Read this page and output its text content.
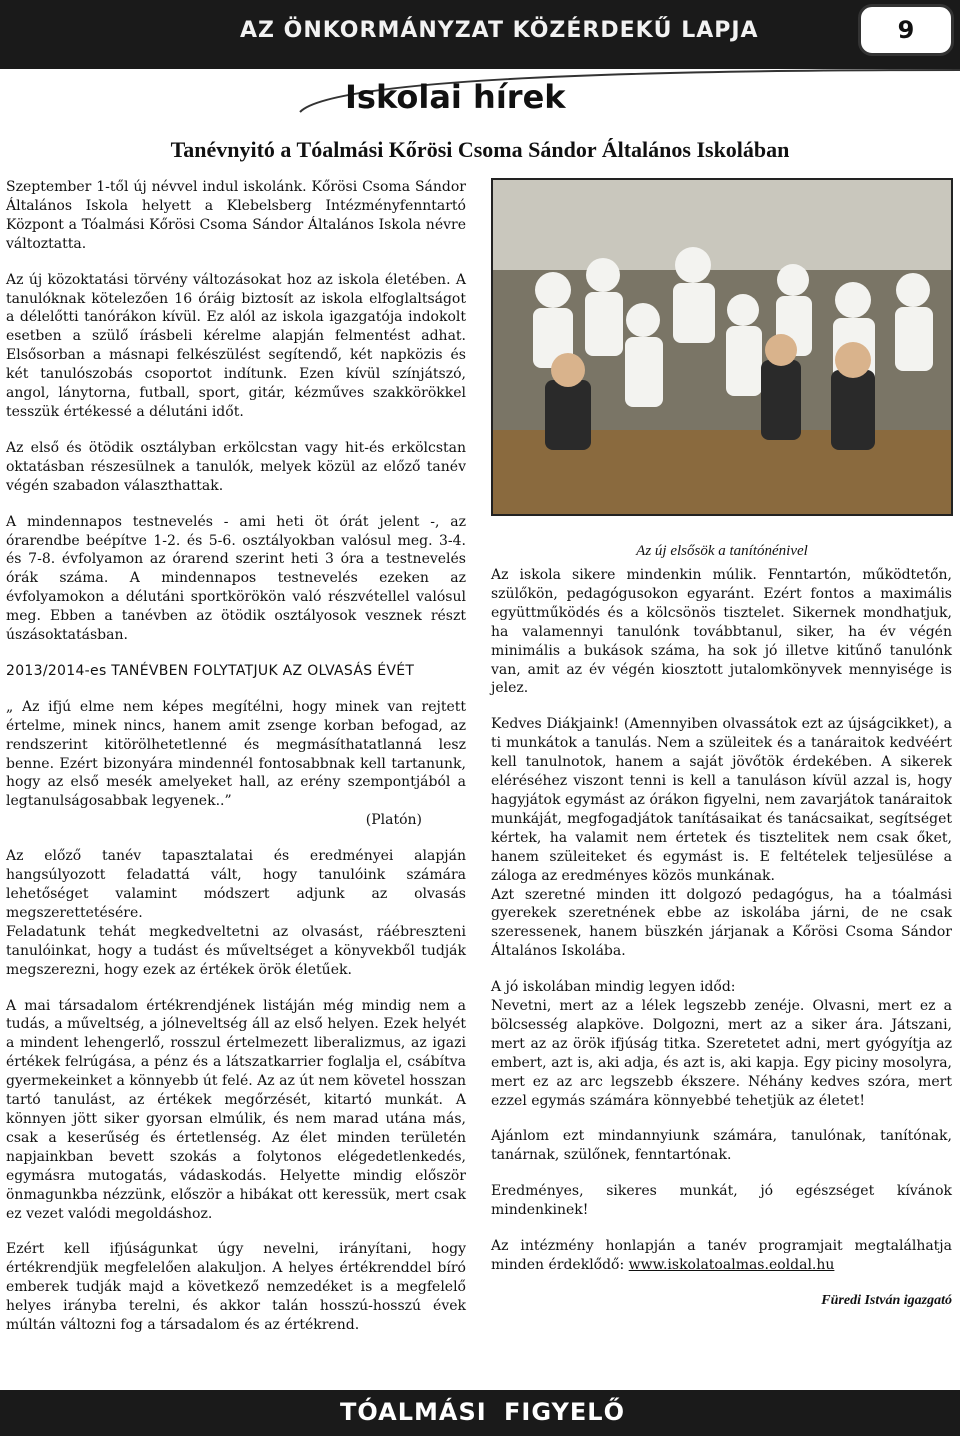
AZ ÖNKORMÁNYZAT KÖZÉRDEKŰ LAPJA	9
Iskolai hírek
Tanévnyitó a Tóalmási Kőrösi Csoma Sándor Általános Iskolában

Szeptember 1-től új névvel indul iskolánk. Kőrösi Csoma Sándor Általános Iskola helyett a Klebelsberg Intézményfenntartó Központ a Tóalmási Kőrösi Csoma Sándor Általános Iskola névre változtatta.

Az új közoktatási törvény változásokat hoz az iskola életében. A tanulóknak kötelezően 16 óráig biztosít az iskola elfoglaltságot a délelőtti tanórákon kívül. Ez alól az iskola igazgatója indokolt esetben a szülő írásbeli kérelme alapján felmentést adhat. Elsősorban a másnapi felkészülést segítendő, két napközis és két tanulószobás csoportot indítunk. Ezen kívül színjátszó, angol, lánytorna, futball, sport, gitár, kézműves szakkörökkel tesszük értékessé a délutáni időt.

Az első és ötödik osztályban erkölcstan vagy hit-és erkölcstan oktatásban részesülnek a tanulók, melyek közül az előző tanév végén szabadon választhattak.

A mindennapos testnevelés - ami heti öt órát jelent -, az órarendbe beépítve 1-2. és 5-6. osztályokban valósul meg. 3-4. és 7-8. évfolyamon az órarend szerint heti 3 óra a testnevelés órák száma. A mindennapos testnevelés ezeken az évfolyamokon a délutáni sportkörökön való részvétellel valósul meg. Ebben a tanévben az ötödik osztályosok vesznek részt úszásoktatásban.

2013/2014-es TANÉVBEN FOLYTATJUK AZ OLVASÁS ÉVÉT

„ Az ifjú elme nem képes megítélni, hogy minek van rejtett értelme, minek nincs, hanem amit zsenge korban befogad, az rendszerint kitörölhetetlenné és megmásíthatatlanná lesz benne. Ezért bizonyára mindennél fontosabbnak kell tartanunk, hogy az első mesék amelyeket hall, az erény szempontjából a legtanulságosabbak legyenek..”

(Platón)

Az előző tanév tapasztalatai és eredményei alapján hangsúlyozott feladattá vált, hogy tanulóink számára lehetőséget valamint módszert adjunk az olvasás megszerettetésére.

Feladatunk tehát megkedveltetni az olvasást, ráébreszteni tanulóinkat, hogy a tudást és műveltséget a könyvekből tudják megszerezni, hogy ezek az értékek örök életűek.

A mai társadalom értékrendjének listáján még mindig nem a tudás, a műveltség, a jólneveltség áll az első helyen. Ezek helyét a mindent lehengerlő, rosszul értelmezett liberalizmus, az igazi értékek felrúgása, a pénz és a látszatkarrier foglalja el, csábítva gyermekeinket a könnyebb út felé. Az az út nem követel hosszan tartó tanulást, az értékek megőrzését, kitartó munkát. A könnyen jött siker gyorsan elmúlik, és nem marad utána más, csak a keserűség és értetlenség. Az élet minden területén napjainkban bevett szokás a folytonos elégedetlenkedés, egymásra mutogatás, vádaskodás. Helyette mindig először önmagunkba nézzünk, először a hibákat ott keressük, mert csak ez vezet valódi megoldáshoz.

Ezért kell ifjúságunkat úgy nevelni, irányítani, hogy értékrendjük megfelelően alakuljon. A helyes értékrenddel bíró emberek tudják majd a következő nemzedéket is a megfelelő helyes irányba terelni, és akkor talán hosszú-hosszú évek múltán változni fog a társadalom és az értékrend.

Az új elsősök a tanítónénivel

Az iskola sikere mindenkin múlik. Fenntartón, működtetőn, szülőkön, pedagógusokon egyaránt. Ezért fontos a maximális együttműködés és a kölcsönös tisztelet. Sikernek mondhatjuk, ha valamennyi tanulónk továbbtanul, siker, ha év végén minimális a bukások száma, ha sok jó illetve kitűnő tanulónk van, amit az év végén kiosztott jutalomkönyvek mennyisége is jelez.

Kedves Diákjaink! (Amennyiben olvassátok ezt az újságcikket), a ti munkátok a tanulás. Nem a szüleitek és a tanáraitok kedvéért kell tanulnotok, hanem a saját jövőtök érdekében. A sikerek eléréséhez viszont tenni is kell a tanuláson kívül azzal is, hogy hagyjátok egymást az órákon figyelni, nem zavarjátok tanáraitok munkáját, megfogadjátok tanításaikat és tanácsaikat, segítséget kértek, ha valamit nem értetek és tisztelitek nem csak őket, hanem szüleiteket és egymást is. E feltételek teljesülése a záloga az eredményes közös munkának.

Azt szeretné minden itt dolgozó pedagógus, ha a tóalmási gyerekek szeretnének ebbe az iskolába járni, de ne csak szeressenek, hanem büszkén járjanak a Kőrösi Csoma Sándor Általános Iskolába.

A jó iskolában mindig legyen időd:

Nevetni, mert az a lélek legszebb zenéje. Olvasni, mert ez a bölcsesség alapköve. Dolgozni, mert az a siker ára. Játszani, mert az az örök ifjúság titka. Szeretetet adni, mert gyógyítja az embert, azt is, aki adja, és azt is, aki kapja. Egy piciny mosolyra, mert ez az arc legszebb ékszere. Néhány kedves szóra, mert ezzel egymás számára könnyebbé tehetjük az életet!

Ajánlom ezt mindannyiunk számára, tanulónak, tanítónak, tanárnak, szülőnek, fenntartónak.

Eredményes, sikeres munkát, jó egészséget kívánok mindenkinek!

Az intézmény honlapján a tanév programjait megtalálhatja minden érdeklődő: www.iskolatoalmas.eoldal.hu

Füredi István igazgató

TÓALMÁSI FIGYELŐ
